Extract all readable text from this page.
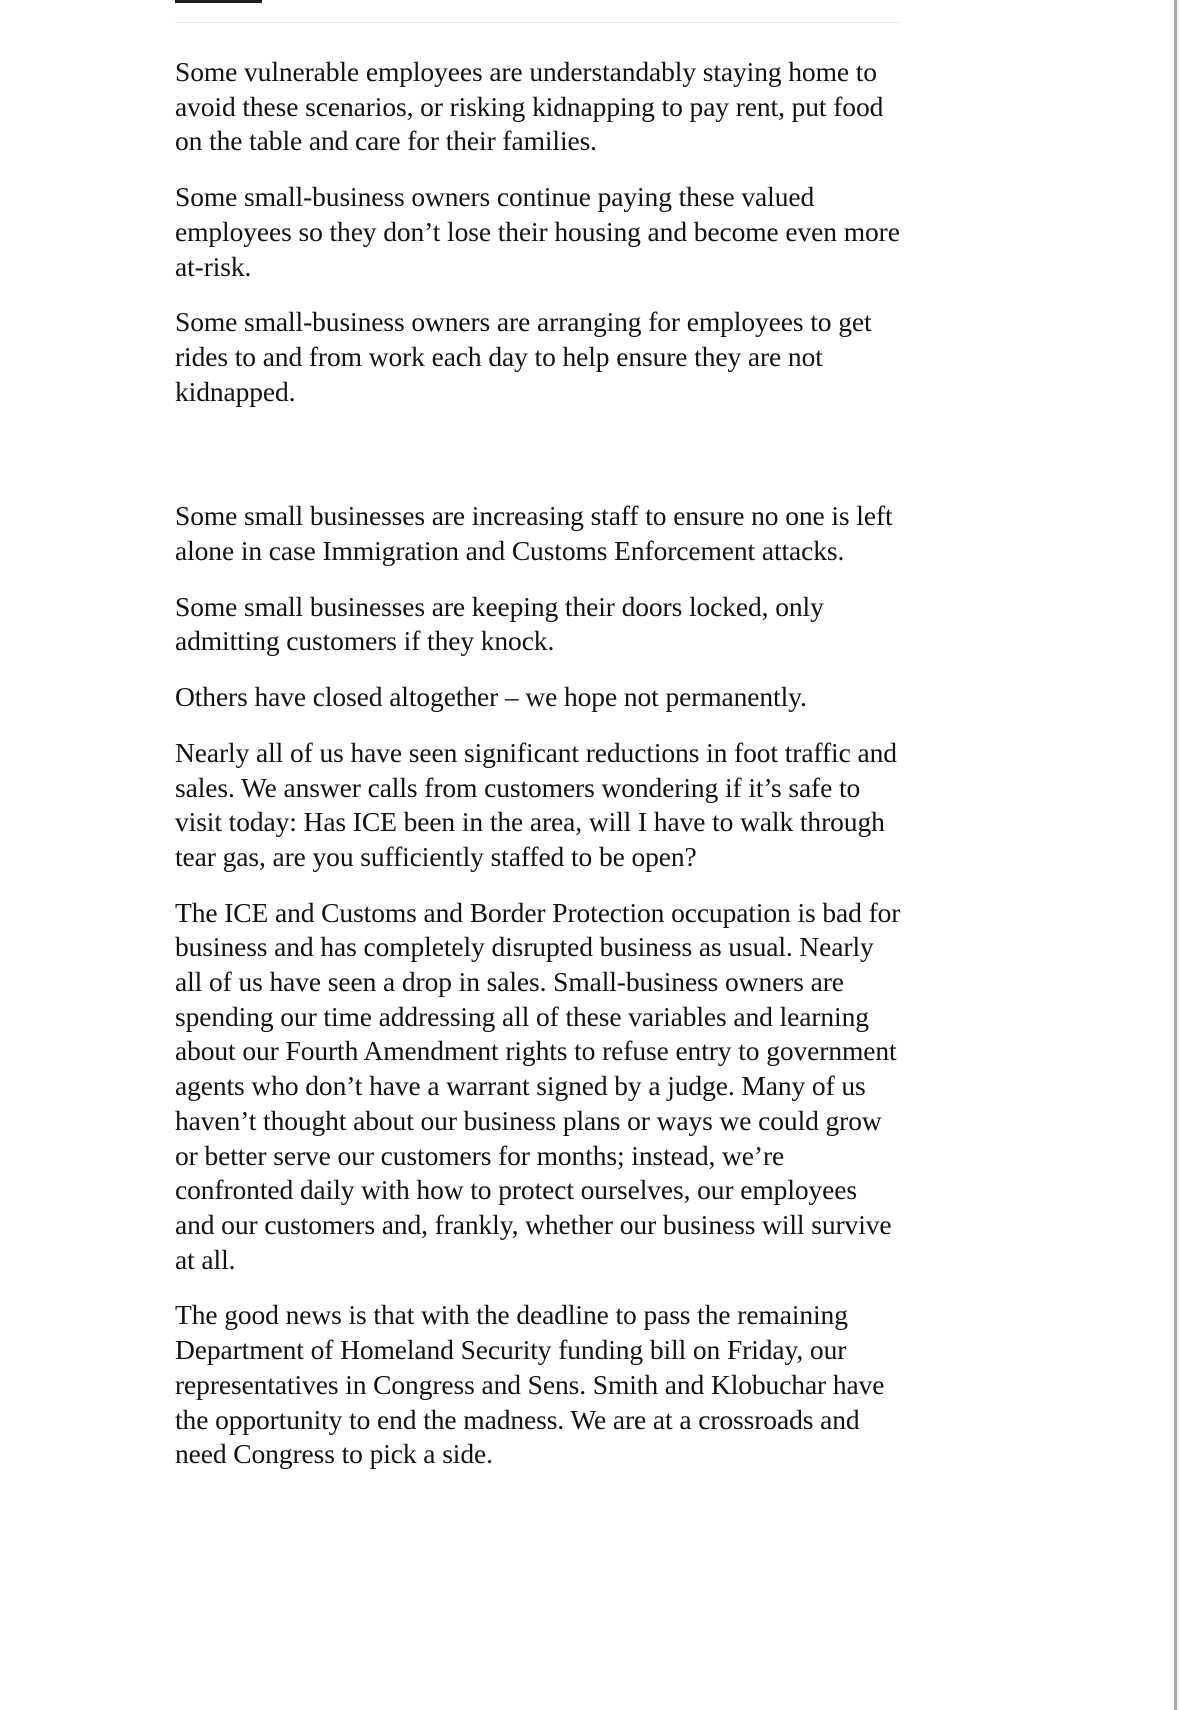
Some vulnerable employees are understandably staying home to avoid these scenarios, or risking kidnapping to pay rent, put food on the table and care for their families.

Some small-business owners continue paying these valued employees so they don’t lose their housing and become even more at-risk.

Some small-business owners are arranging for employees to get rides to and from work each day to help ensure they are not kidnapped.

Some small businesses are increasing staff to ensure no one is left alone in case Immigration and Customs Enforcement attacks.

Some small businesses are keeping their doors locked, only admitting customers if they knock.

Others have closed altogether – we hope not permanently.

Nearly all of us have seen significant reductions in foot traffic and sales. We answer calls from customers wondering if it’s safe to visit today: Has ICE been in the area, will I have to walk through tear gas, are you sufficiently staffed to be open?

The ICE and Customs and Border Protection occupation is bad for business and has completely disrupted business as usual. Nearly all of us have seen a drop in sales. Small-business owners are spending our time addressing all of these variables and learning about our Fourth Amendment rights to refuse entry to government agents who don’t have a warrant signed by a judge. Many of us haven’t thought about our business plans or ways we could grow or better serve our customers for months; instead, we’re confronted daily with how to protect ourselves, our employees and our customers and, frankly, whether our business will survive at all.

The good news is that with the deadline to pass the remaining Department of Homeland Security funding bill on Friday, our representatives in Congress and Sens. Smith and Klobuchar have the opportunity to end the madness. We are at a crossroads and need Congress to pick a side.
